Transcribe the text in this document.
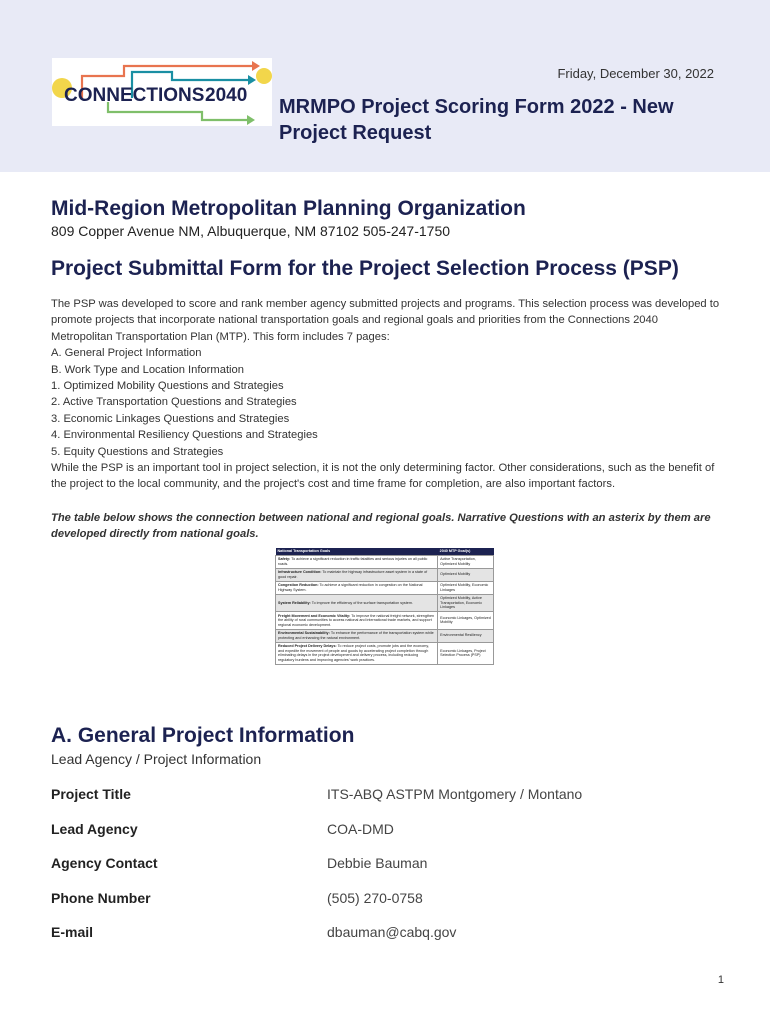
CONNECTIONS 2040
Friday, December 30, 2022
MRMPO Project Scoring Form 2022 - New Project Request
Mid-Region Metropolitan Planning Organization
809 Copper Avenue NM, Albuquerque, NM 87102 505-247-1750
Project Submittal Form for the Project Selection Process (PSP)

The PSP was developed to score and rank member agency submitted projects and programs. This selection process was developed to promote projects that incorporate national transportation goals and regional goals and priorities from the Connections 2040 Metropolitan Transportation Plan (MTP). This form includes 7 pages:

A. General Project Information

B. Work Type and Location Information

1. Optimized Mobility Questions and Strategies

2. Active Transportation Questions and Strategies

3. Economic Linkages Questions and Strategies

4. Environmental Resiliency Questions and Strategies

5. Equity Questions and Strategies

While the PSP is an important tool in project selection, it is not the only determining factor. Other considerations, such as the benefit of the project to the local community, and the project's cost and time frame for completion, are also important factors.

The table below shows the connection between national and regional goals. Narrative Questions with an asterix by them are developed directly from national goals.
National Transportation Goals	2040 MTP Goal(s)
Safety: To achieve a significant reduction in traffic fatalities and serious injuries on all public roads.	Active Transportation, Optimized Mobility
Infrastructure Condition: To maintain the highway infrastructure asset system in a state of good repair.	Optimized Mobility
Congestion Reduction: To achieve a significant reduction in congestion on the National Highway System.	Optimized Mobility, Economic Linkages
System Reliability: To improve the efficiency of the surface transportation system.	Optimized Mobility, Active Transportation, Economic Linkages
Freight Movement and Economic Vitality: To improve the national freight network, strengthen the ability of rural communities to access national and international trade markets, and support regional economic development.	Economic Linkages, Optimized Mobility
Environmental Sustainability: To enhance the performance of the transportation system while protecting and enhancing the natural environment.	Environmental Resiliency
Reduced Project Delivery Delays: To reduce project costs, promote jobs and the economy, and expedite the movement of people and goods by accelerating project completion through eliminating delays in the project development and delivery process, including reducing regulatory burdens and improving agencies' work practices.	Economic Linkages, Project Selection Process (PSP)
A. General Project Information
Lead Agency / Project Information
Project Title	ITS-ABQ ASTPM Montgomery / Montano
Lead Agency	COA-DMD
Agency Contact	Debbie Bauman
Phone Number	(505) 270-0758
E-mail	dbauman@cabq.gov
1
